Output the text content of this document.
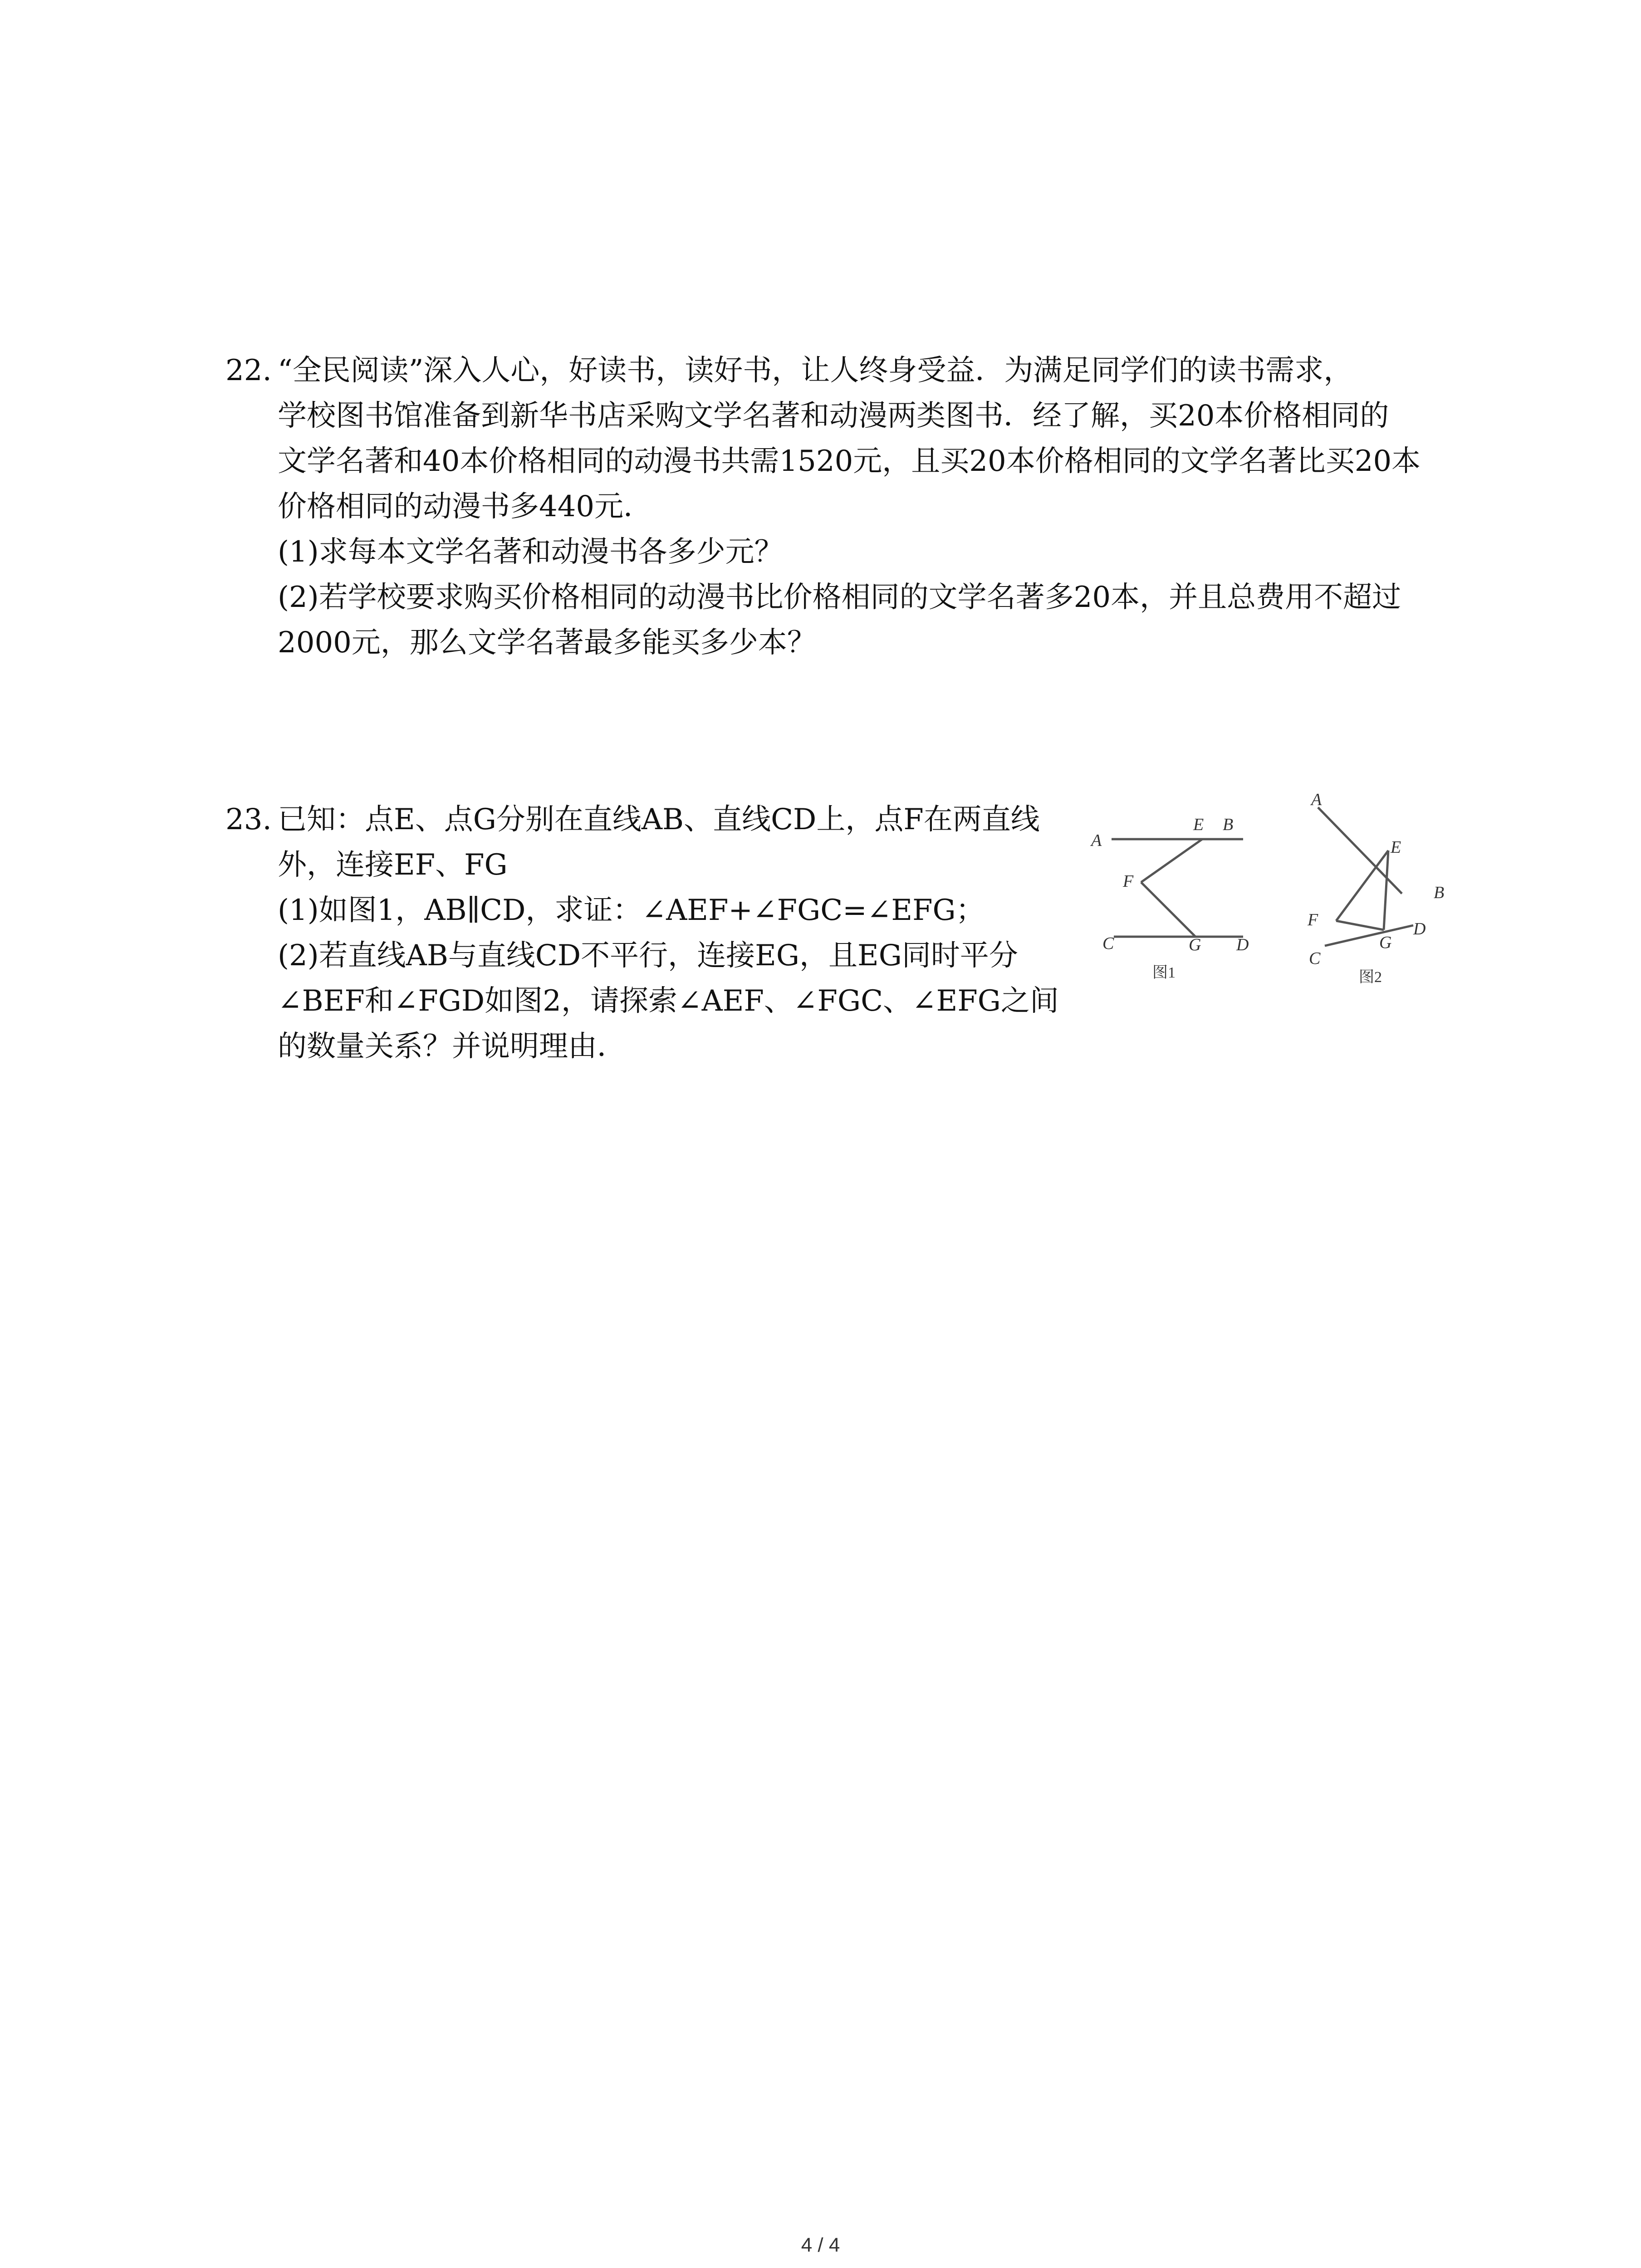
22. “全民阅读”深入人心，好读书，读好书，让人终身受益．为满足同学们的读书需求，
学校图书馆准备到新华书店采购文学名著和动漫两类图书．经了解，买20本价格相同的
文学名著和40本价格相同的动漫书共需1520元，且买20本价格相同的文学名著比买20本
价格相同的动漫书多440元．
(1)求每本文学名著和动漫书各多少元？
(2)若学校要求购买价格相同的动漫书比价格相同的文学名著多20本，并且总费用不超过
2000元，那么文学名著最多能买多少本？
23. 已知：点E、点G分别在直线AB、直线CD上，点F在两直线
外，连接EF、FG
(1)如图1，AB∥CD，求证：∠AEF+∠FGC=∠EFG；
(2)若直线AB与直线CD不平行，连接EG，且EG同时平分
∠BEF和∠FGD如图2，请探索∠AEF、∠FGC、∠EFG之间
的数量关系？并说明理由．
A
E B
F
C	G D
图1
A
E
B
F
G
D
C
图2
4 / 4
